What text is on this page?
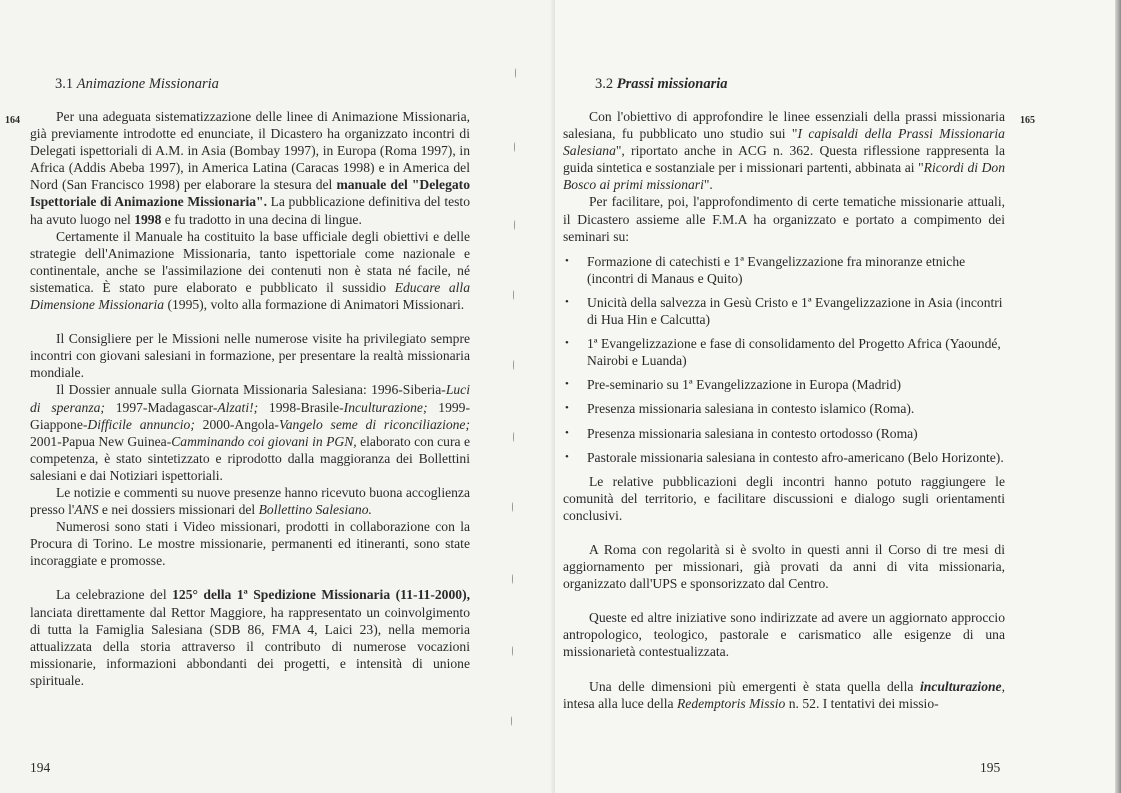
3.1 Animazione Missionaria
164	Per una adeguata sistematizzazione delle linee di Animazione Missionaria, già previamente introdotte ed enunciate, il Dicastero ha organizzato incontri di Delegati ispettoriali di A.M. in Asia (Bombay 1997), in Europa (Roma 1997), in Africa (Addis Abeba 1997), in America Latina (Caracas 1998) e in America del Nord (San Francisco 1998) per elaborare la stesura del manuale del "Delegato Ispettoriale di Animazione Missionaria". La pubblicazione definitiva del testo ha avuto luogo nel 1998 e fu tradotto in una decina di lingue.

Certamente il Manuale ha costituito la base ufficiale degli obiettivi e delle strategie dell'Animazione Missionaria, tanto ispettoriale come nazionale e continentale, anche se l'assimilazione dei contenuti non è stata né facile, né sistematica. È stato pure elaborato e pubblicato il sussidio Educare alla Dimensione Missionaria (1995), volto alla formazione di Animatori Missionari.

Il Consigliere per le Missioni nelle numerose visite ha privilegiato sempre incontri con giovani salesiani in formazione, per presentare la realtà missionaria mondiale.

Il Dossier annuale sulla Giornata Missionaria Salesiana: 1996-Siberia-Luci di speranza; 1997-Madagascar-Alzati!; 1998-Brasile-Inculturazione; 1999-Giappone-Difficile annuncio; 2000-Angola-Vangelo seme di riconciliazione; 2001-Papua New Guinea-Camminando coi giovani in PGN, elaborato con cura e competenza, è stato sintetizzato e riprodotto dalla maggioranza dei Bollettini salesiani e dai Notiziari ispettoriali.

Le notizie e commenti su nuove presenze hanno ricevuto buona accoglienza presso l'ANS e nei dossiers missionari del Bollettino Salesiano.

Numerosi sono stati i Video missionari, prodotti in collaborazione con la Procura di Torino. Le mostre missionarie, permanenti ed itineranti, sono state incoraggiate e promosse.

La celebrazione del 125° della 1ª Spedizione Missionaria (11-11-2000), lanciata direttamente dal Rettor Maggiore, ha rappresentato un coinvolgimento di tutta la Famiglia Salesiana (SDB 86, FMA 4, Laici 23), nella memoria attualizzata della storia attraverso il contributo di numerose vocazioni missionarie, informazioni abbondanti dei progetti, e intensità di unione spirituale.

194
3.2 Prassi missionaria
165

Con l'obiettivo di approfondire le linee essenziali della prassi missionaria salesiana, fu pubblicato uno studio sui "I capisaldi della Prassi Missionaria Salesiana", riportato anche in ACG n. 362. Questa riflessione rappresenta la guida sintetica e sostanziale per i missionari partenti, abbinata ai "Ricordi di Don Bosco ai primi missionari".

Per facilitare, poi, l'approfondimento di certe tematiche missionarie attuali, il Dicastero assieme alle F.M.A ha organizzato e portato a compimento dei seminari su:

• Formazione di catechisti e 1ª Evangelizzazione fra minoranze etniche (incontri di Manaus e Quito)
• Unicità della salvezza in Gesù Cristo e 1ª Evangelizzazione in Asia (incontri di Hua Hin e Calcutta)
• 1ª Evangelizzazione e fase di consolidamento del Progetto Africa (Yaoundé, Nairobi e Luanda)
• Pre-seminario su 1ª Evangelizzazione in Europa (Madrid)
• Presenza missionaria salesiana in contesto islamico (Roma).
• Presenza missionaria salesiana in contesto ortodosso (Roma)
• Pastorale missionaria salesiana in contesto afro-americano (Belo Horizonte).

Le relative pubblicazioni degli incontri hanno potuto raggiungere le comunità del territorio, e facilitare discussioni e dialogo sugli orientamenti conclusivi.

A Roma con regolarità si è svolto in questi anni il Corso di tre mesi di aggiornamento per missionari, già provati da anni di vita missionaria, organizzato dall'UPS e sponsorizzato dal Centro.

Queste ed altre iniziative sono indirizzate ad avere un aggiornato approccio antropologico, teologico, pastorale e carismatico alle esigenze di una missionarietà contestualizzata.

Una delle dimensioni più emergenti è stata quella della inculturazione, intesa alla luce della Redemptoris Missio n. 52. I tentativi dei missio-

195
